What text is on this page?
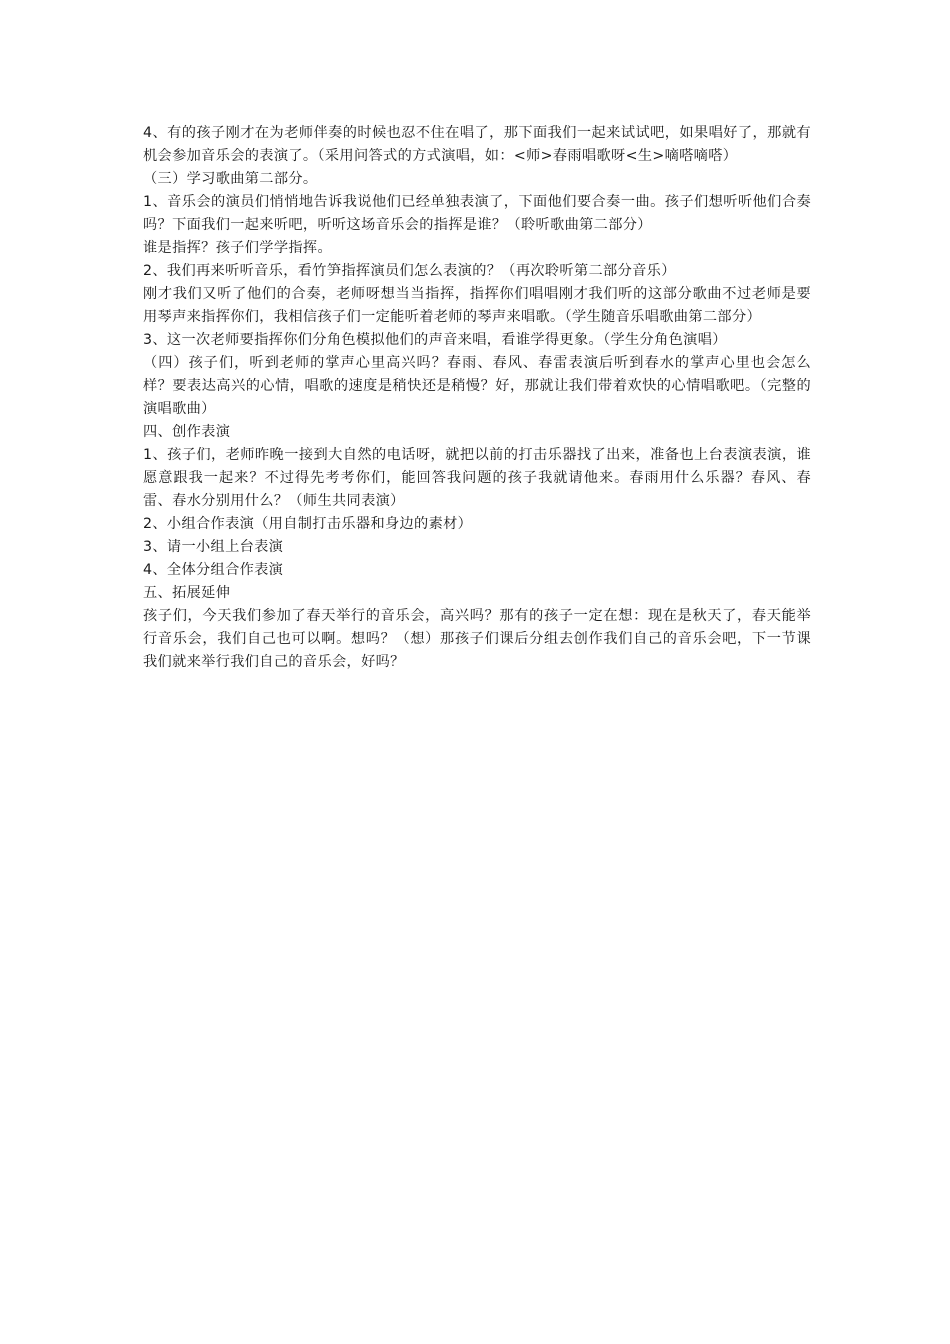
4、有的孩子刚才在为老师伴奏的时候也忍不住在唱了，那下面我们一起来试试吧，如果唱好了，那就有机会参加音乐会的表演了。（采用问答式的方式演唱，如：<师>春雨唱歌呀<生>嘀嗒嘀嗒）

（三）学习歌曲第二部分。

1、音乐会的演员们悄悄地告诉我说他们已经单独表演了，下面他们要合奏一曲。孩子们想听听他们合奏吗？下面我们一起来听吧，听听这场音乐会的指挥是谁？（聆听歌曲第二部分）

谁是指挥？孩子们学学指挥。

2、我们再来听听音乐，看竹笋指挥演员们怎么表演的？（再次聆听第二部分音乐）

刚才我们又听了他们的合奏，老师呀想当当指挥，指挥你们唱唱刚才我们听的这部分歌曲不过老师是要用琴声来指挥你们，我相信孩子们一定能听着老师的琴声来唱歌。（学生随音乐唱歌曲第二部分）

3、这一次老师要指挥你们分角色模拟他们的声音来唱，看谁学得更象。（学生分角色演唱）

（四）孩子们，听到老师的掌声心里高兴吗？春雨、春风、春雷表演后听到春水的掌声心里也会怎么样？要表达高兴的心情，唱歌的速度是稍快还是稍慢？好，那就让我们带着欢快的心情唱歌吧。（完整的演唱歌曲）

四、创作表演

1、孩子们，老师昨晚一接到大自然的电话呀，就把以前的打击乐器找了出来，准备也上台表演表演，谁愿意跟我一起来？不过得先考考你们，能回答我问题的孩子我就请他来。春雨用什么乐器？春风、春雷、春水分别用什么？（师生共同表演）

2、小组合作表演（用自制打击乐器和身边的素材）

3、请一小组上台表演

4、全体分组合作表演

五、拓展延伸

孩子们，今天我们参加了春天举行的音乐会，高兴吗？那有的孩子一定在想：现在是秋天了，春天能举行音乐会，我们自己也可以啊。想吗？（想）那孩子们课后分组去创作我们自己的音乐会吧，下一节课我们就来举行我们自己的音乐会，好吗？
